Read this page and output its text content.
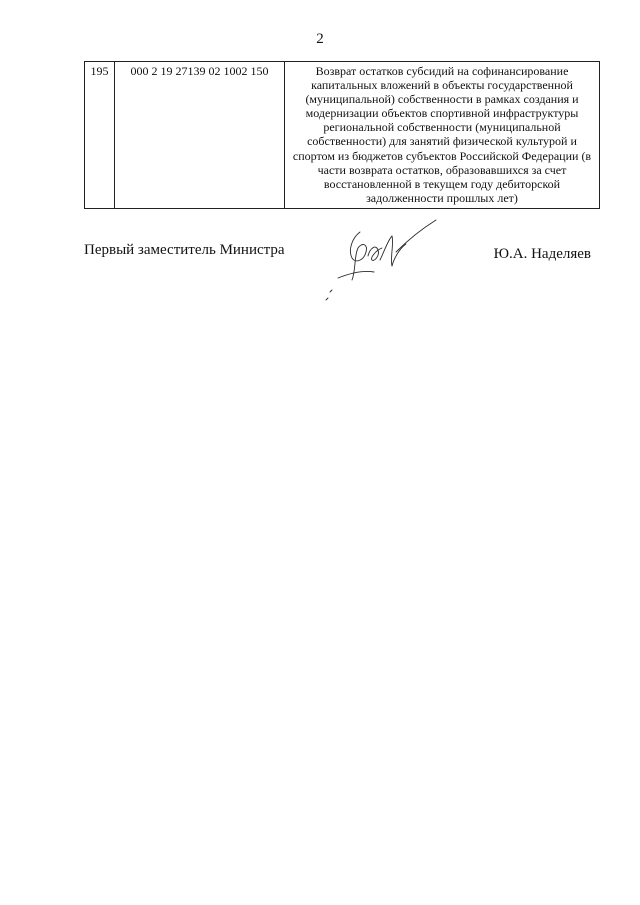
2
195	000 2 19 27139 02 1002 150	Возврат остатков субсидий на софинансирование капитальных вложений в объекты государственной (муниципальной) собственности в рамках создания и модернизации объектов спортивной инфраструктуры региональной собственности (муниципальной собственности) для занятий физической культурой и спортом из бюджетов субъектов Российской Федерации (в части возврата остатков, образовавшихся за счет восстановленной в текущем году дебиторской задолженности прошлых лет)
Первый заместитель Министра	Ю.А. Наделяев
